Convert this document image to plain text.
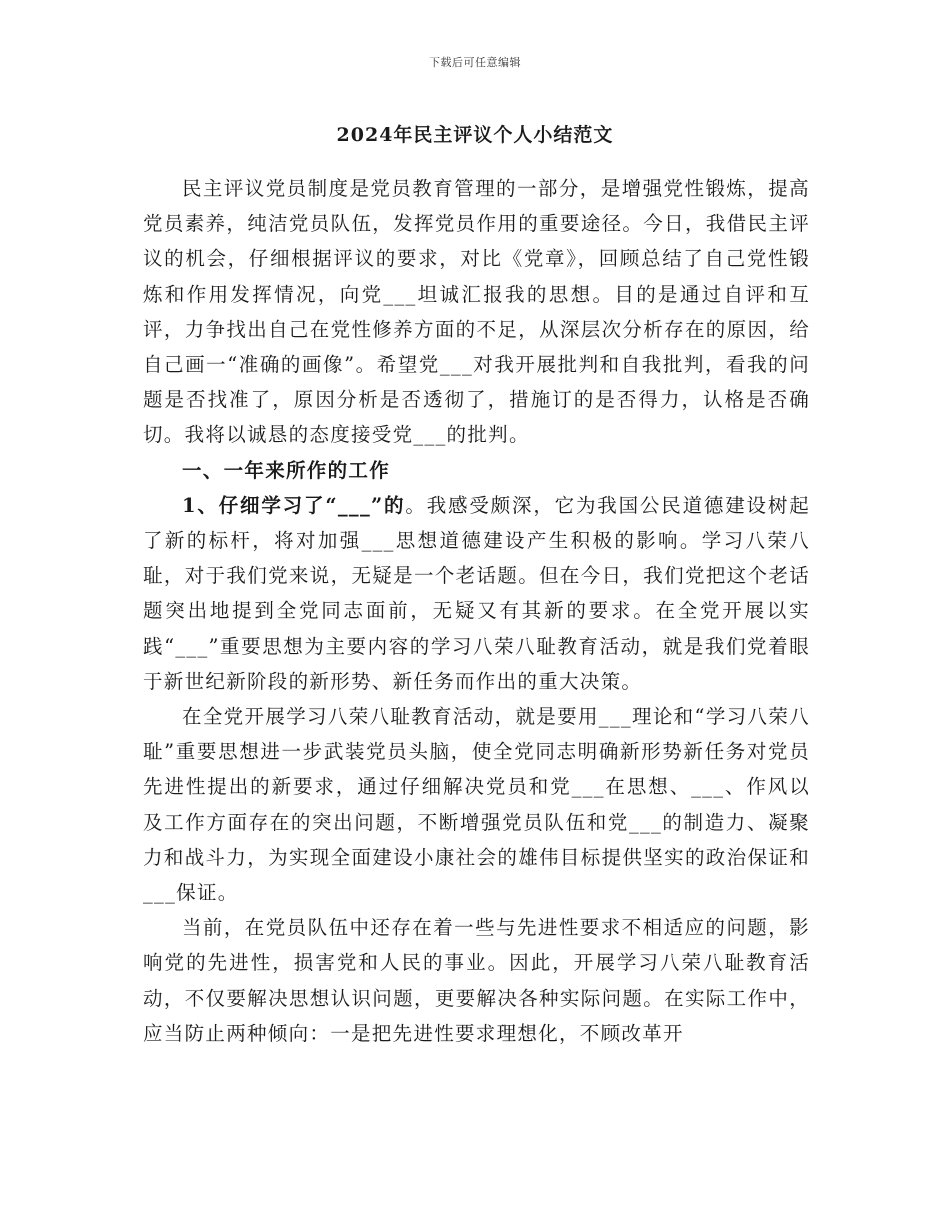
下载后可任意编辑
2024年民主评议个人小结范文

民主评议党员制度是党员教育管理的一部分，是增强党性锻炼，提高党员素养，纯洁党员队伍，发挥党员作用的重要途径。今日，我借民主评议的机会，仔细根据评议的要求，对比《党章》，回顾总结了自己党性锻炼和作用发挥情况，向党___坦诚汇报我的思想。目的是通过自评和互评，力争找出自己在党性修养方面的不足，从深层次分析存在的原因，给自己画一“准确的画像”。希望党___对我开展批判和自我批判，看我的问题是否找准了，原因分析是否透彻了，措施订的是否得力，认格是否确切。我将以诚恳的态度接受党___的批判。

一、一年来所作的工作

1、仔细学习了“___”的。我感受颇深，它为我国公民道德建设树起了新的标杆，将对加强___思想道德建设产生积极的影响。学习八荣八耻，对于我们党来说，无疑是一个老话题。但在今日，我们党把这个老话题突出地提到全党同志面前，无疑又有其新的要求。在全党开展以实践“___”重要思想为主要内容的学习八荣八耻教育活动，就是我们党着眼于新世纪新阶段的新形势、新任务而作出的重大决策。

在全党开展学习八荣八耻教育活动，就是要用___理论和“学习八荣八耻”重要思想进一步武装党员头脑，使全党同志明确新形势新任务对党员先进性提出的新要求，通过仔细解决党员和党___在思想、___、作风以及工作方面存在的突出问题，不断增强党员队伍和党___的制造力、凝聚力和战斗力，为实现全面建设小康社会的雄伟目标提供坚实的政治保证和___保证。

当前，在党员队伍中还存在着一些与先进性要求不相适应的问题，影响党的先进性，损害党和人民的事业。因此，开展学习八荣八耻教育活动，不仅要解决思想认识问题，更要解决各种实际问题。在实际工作中，应当防止两种倾向：一是把先进性要求理想化，不顾改革开
